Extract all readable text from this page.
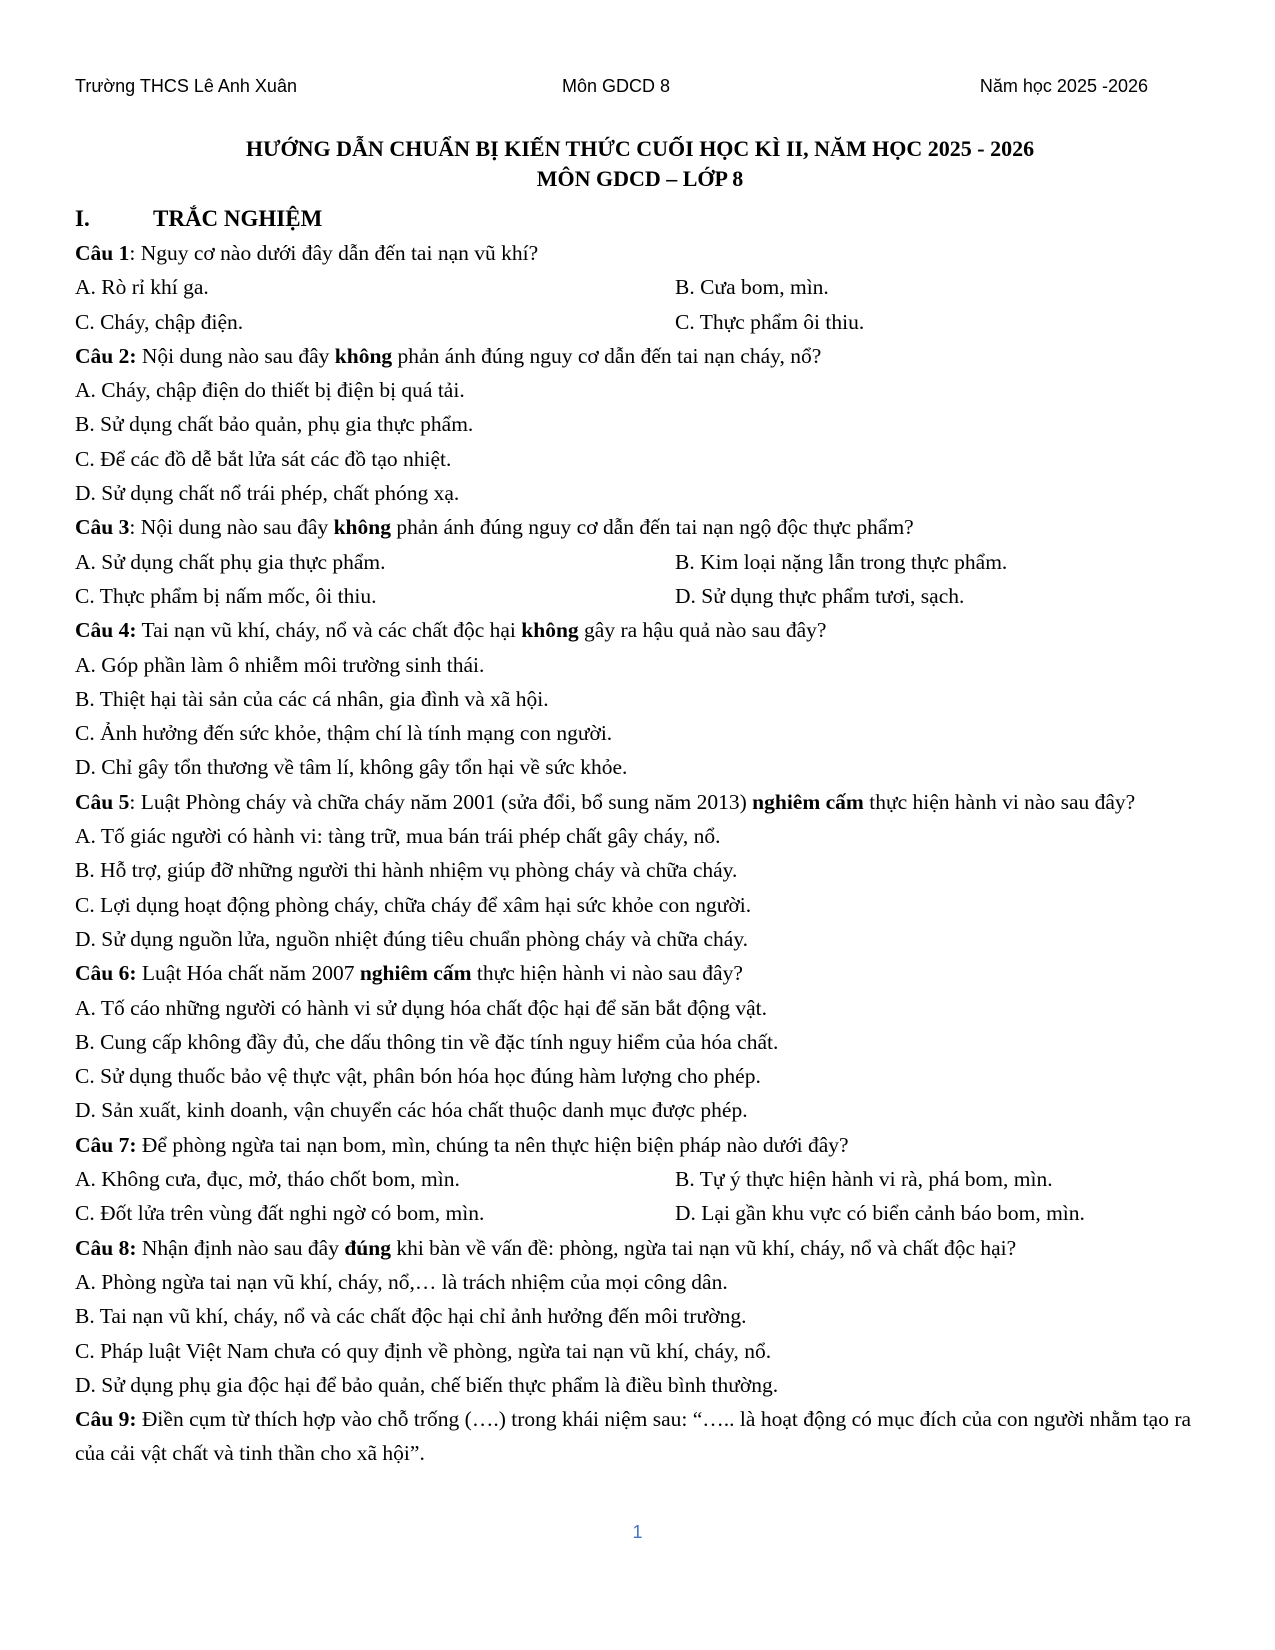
Trường THCS Lê Anh Xuân	Môn GDCD 8	Năm học 2025 -2026
HƯỚNG DẪN CHUẨN BỊ KIẾN THỨC CUỐI HỌC KÌ II, NĂM HỌC 2025 - 2026
MÔN GDCD – LỚP 8
I.	TRẮC NGHIỆM
Câu 1: Nguy cơ nào dưới đây dẫn đến tai nạn vũ khí?
A. Rò rỉ khí ga.	B. Cưa bom, mìn.
C. Cháy, chập điện.	C. Thực phẩm ôi thiu.
Câu 2: Nội dung nào sau đây không phản ánh đúng nguy cơ dẫn đến tai nạn cháy, nổ?
A. Cháy, chập điện do thiết bị điện bị quá tải.
B. Sử dụng chất bảo quản, phụ gia thực phẩm.
C. Để các đồ dễ bắt lửa sát các đồ tạo nhiệt.
D. Sử dụng chất nổ trái phép, chất phóng xạ.
Câu 3: Nội dung nào sau đây không phản ánh đúng nguy cơ dẫn đến tai nạn ngộ độc thực phẩm?
A. Sử dụng chất phụ gia thực phẩm.	B. Kim loại nặng lẫn trong thực phẩm.
C. Thực phẩm bị nấm mốc, ôi thiu.	D. Sử dụng thực phẩm tươi, sạch.
Câu 4: Tai nạn vũ khí, cháy, nổ và các chất độc hại không gây ra hậu quả nào sau đây?
A. Góp phần làm ô nhiễm môi trường sinh thái.
B. Thiệt hại tài sản của các cá nhân, gia đình và xã hội.
C. Ảnh hưởng đến sức khỏe, thậm chí là tính mạng con người.
D. Chỉ gây tổn thương về tâm lí, không gây tổn hại về sức khỏe.
Câu 5: Luật Phòng cháy và chữa cháy năm 2001 (sửa đổi, bổ sung năm 2013) nghiêm cấm thực hiện hành vi nào sau đây?
A. Tố giác người có hành vi: tàng trữ, mua bán trái phép chất gây cháy, nổ.
B. Hỗ trợ, giúp đỡ những người thi hành nhiệm vụ phòng cháy và chữa cháy.
C. Lợi dụng hoạt động phòng cháy, chữa cháy để xâm hại sức khỏe con người.
D. Sử dụng nguồn lửa, nguồn nhiệt đúng tiêu chuẩn phòng cháy và chữa cháy.
Câu 6: Luật Hóa chất năm 2007 nghiêm cấm thực hiện hành vi nào sau đây?
A. Tố cáo những người có hành vi sử dụng hóa chất độc hại để săn bắt động vật.
B. Cung cấp không đầy đủ, che dấu thông tin về đặc tính nguy hiểm của hóa chất.
C. Sử dụng thuốc bảo vệ thực vật, phân bón hóa học đúng hàm lượng cho phép.
D. Sản xuất, kinh doanh, vận chuyển các hóa chất thuộc danh mục được phép.
Câu 7: Để phòng ngừa tai nạn bom, mìn, chúng ta nên thực hiện biện pháp nào dưới đây?
A. Không cưa, đục, mở, tháo chốt bom, mìn.	B. Tự ý thực hiện hành vi rà, phá bom, mìn.
C. Đốt lửa trên vùng đất nghi ngờ có bom, mìn.	D. Lại gần khu vực có biển cảnh báo bom, mìn.
Câu 8: Nhận định nào sau đây đúng khi bàn về vấn đề: phòng, ngừa tai nạn vũ khí, cháy, nổ và chất độc hại?
A. Phòng ngừa tai nạn vũ khí, cháy, nổ,… là trách nhiệm của mọi công dân.
B. Tai nạn vũ khí, cháy, nổ và các chất độc hại chỉ ảnh hưởng đến môi trường.
C. Pháp luật Việt Nam chưa có quy định về phòng, ngừa tai nạn vũ khí, cháy, nổ.
D. Sử dụng phụ gia độc hại để bảo quản, chế biến thực phẩm là điều bình thường.
Câu 9: Điền cụm từ thích hợp vào chỗ trống (….) trong khái niệm sau: “….. là hoạt động có mục đích của con người nhằm tạo ra của cải vật chất và tinh thần cho xã hội”.
1
